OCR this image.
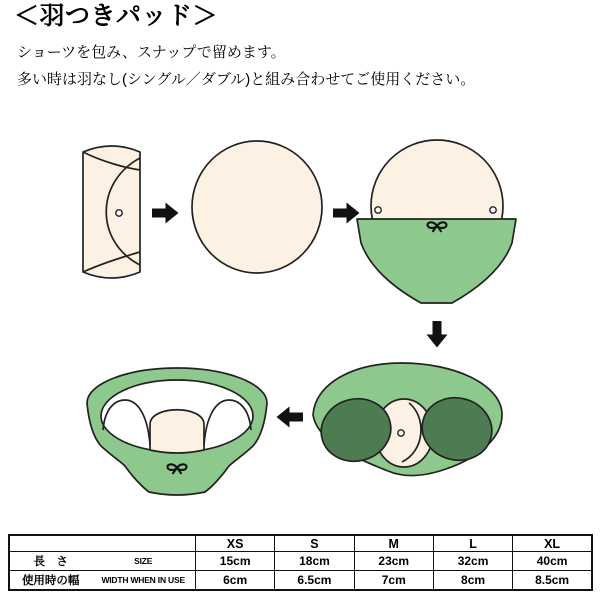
＜羽つきパッド＞

ショーツを包み、スナップで留めます。

多い時は羽なし(シングル／ダブル)と組み合わせてご使用ください。

	XS	S	M	L	XL

長　さ SIZE	15cm	18cm	23cm	32cm	40cm

使用時の幅 WIDTH WHEN IN USE	6cm	6.5cm	7cm	8cm	8.5cm
